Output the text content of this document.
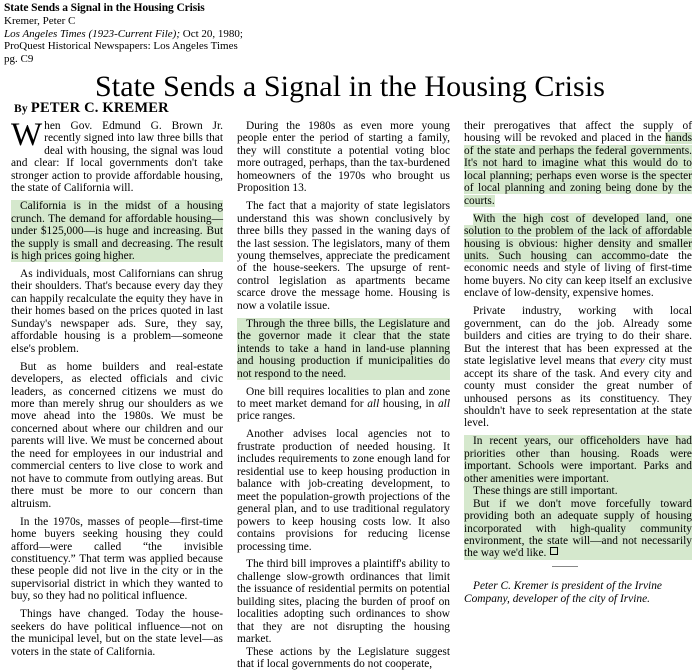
State Sends a Signal in the Housing Crisis
Kremer, Peter C
Los Angeles Times (1923-Current File); Oct 20, 1980;
ProQuest Historical Newspapers: Los Angeles Times
pg. C9
State Sends a Signal in the Housing Crisis
By PETER C. KREMER

When Gov. Edmund G. Brown Jr. recently signed into law three bills that deal with housing, the signal was loud and clear: If local governments don't take stronger action to provide affordable housing, the state of California will.

California is in the midst of a housing crunch. The demand for affordable housing—under $125,000—is huge and increasing. But the supply is small and decreasing. The result is high prices going higher.

As individuals, most Californians can shrug their shoulders. That's because every day they can happily recalculate the equity they have in their homes based on the prices quoted in last Sunday's newspaper ads. Sure, they say, affordable housing is a problem—someone else's problem.

But as home builders and real-estate developers, as elected officials and civic leaders, as concerned citizens we must do more than merely shrug our shoulders as we move ahead into the 1980s. We must be concerned about where our children and our parents will live. We must be concerned about the need for employees in our industrial and commercial centers to live close to work and not have to commute from outlying areas. But there must be more to our concern than altruism.

In the 1970s, masses of people—first-time home buyers seeking housing they could afford—were called “the invisible constituency.” That term was applied because these people did not live in the city or in the supervisorial district in which they wanted to buy, so they had no political influence.

Things have changed. Today the house-seekers do have political influence—not on the municipal level, but on the state level—as voters in the state of California.

During the 1980s as even more young people enter the period of starting a family, they will constitute a potential voting bloc more outraged, perhaps, than the tax-burdened homeowners of the 1970s who brought us Proposition 13.

The fact that a majority of state legislators understand this was shown conclusively by three bills they passed in the waning days of the last session. The legislators, many of them young themselves, appreciate the predicament of the house-seekers. The upsurge of rent-control legislation as apartments became scarce drove the message home. Housing is now a volatile issue.

Through the three bills, the Legislature and the governor made it clear that the state intends to take a hand in land-use planning and housing production if municipalities do not respond to the need.

One bill requires localities to plan and zone to meet market demand for all housing, in all price ranges.

Another advises local agencies not to frustrate production of needed housing. It includes requirements to zone enough land for residential use to keep housing production in balance with job-creating development, to meet the population-growth projections of the general plan, and to use traditional regulatory powers to keep housing costs low. It also contains provisions for reducing license processing time.

The third bill improves a plaintiff's ability to challenge slow-growth ordinances that limit the issuance of residential permits on potential building sites, placing the burden of proof on localities adopting such ordinances to show that they are not disrupting the housing market.

These actions by the Legislature suggest that if local governments do not cooperate,

their prerogatives that affect the supply of housing will be revoked and placed in the hands of the state and perhaps the federal governments. It's not hard to imagine what this would do to local planning; perhaps even worse is the specter of local planning and zoning being done by the courts.

With the high cost of developed land, one solution to the problem of the lack of affordable housing is obvious: higher density and smaller units. Such housing can accommo-date the economic needs and style of living of first-time home buyers. No city can keep itself an exclusive enclave of low-density, expensive homes.

Private industry, working with local government, can do the job. Already some builders and cities are trying to do their share. But the interest that has been expressed at the state legislative level means that every city must accept its share of the task. And every city and county must consider the great number of unhoused persons as its constituency. They shouldn't have to seek representation at the state level.

In recent years, our officeholders have had priorities other than housing. Roads were important. Schools were important. Parks and other amenities were important.

These things are still important.

But if we don't move forcefully toward providing both an adequate supply of housing incorporated with high-quality community environment, the state will—and not necessarily the way we'd like.

Peter C. Kremer is president of the Irvine Company, developer of the city of Irvine.
